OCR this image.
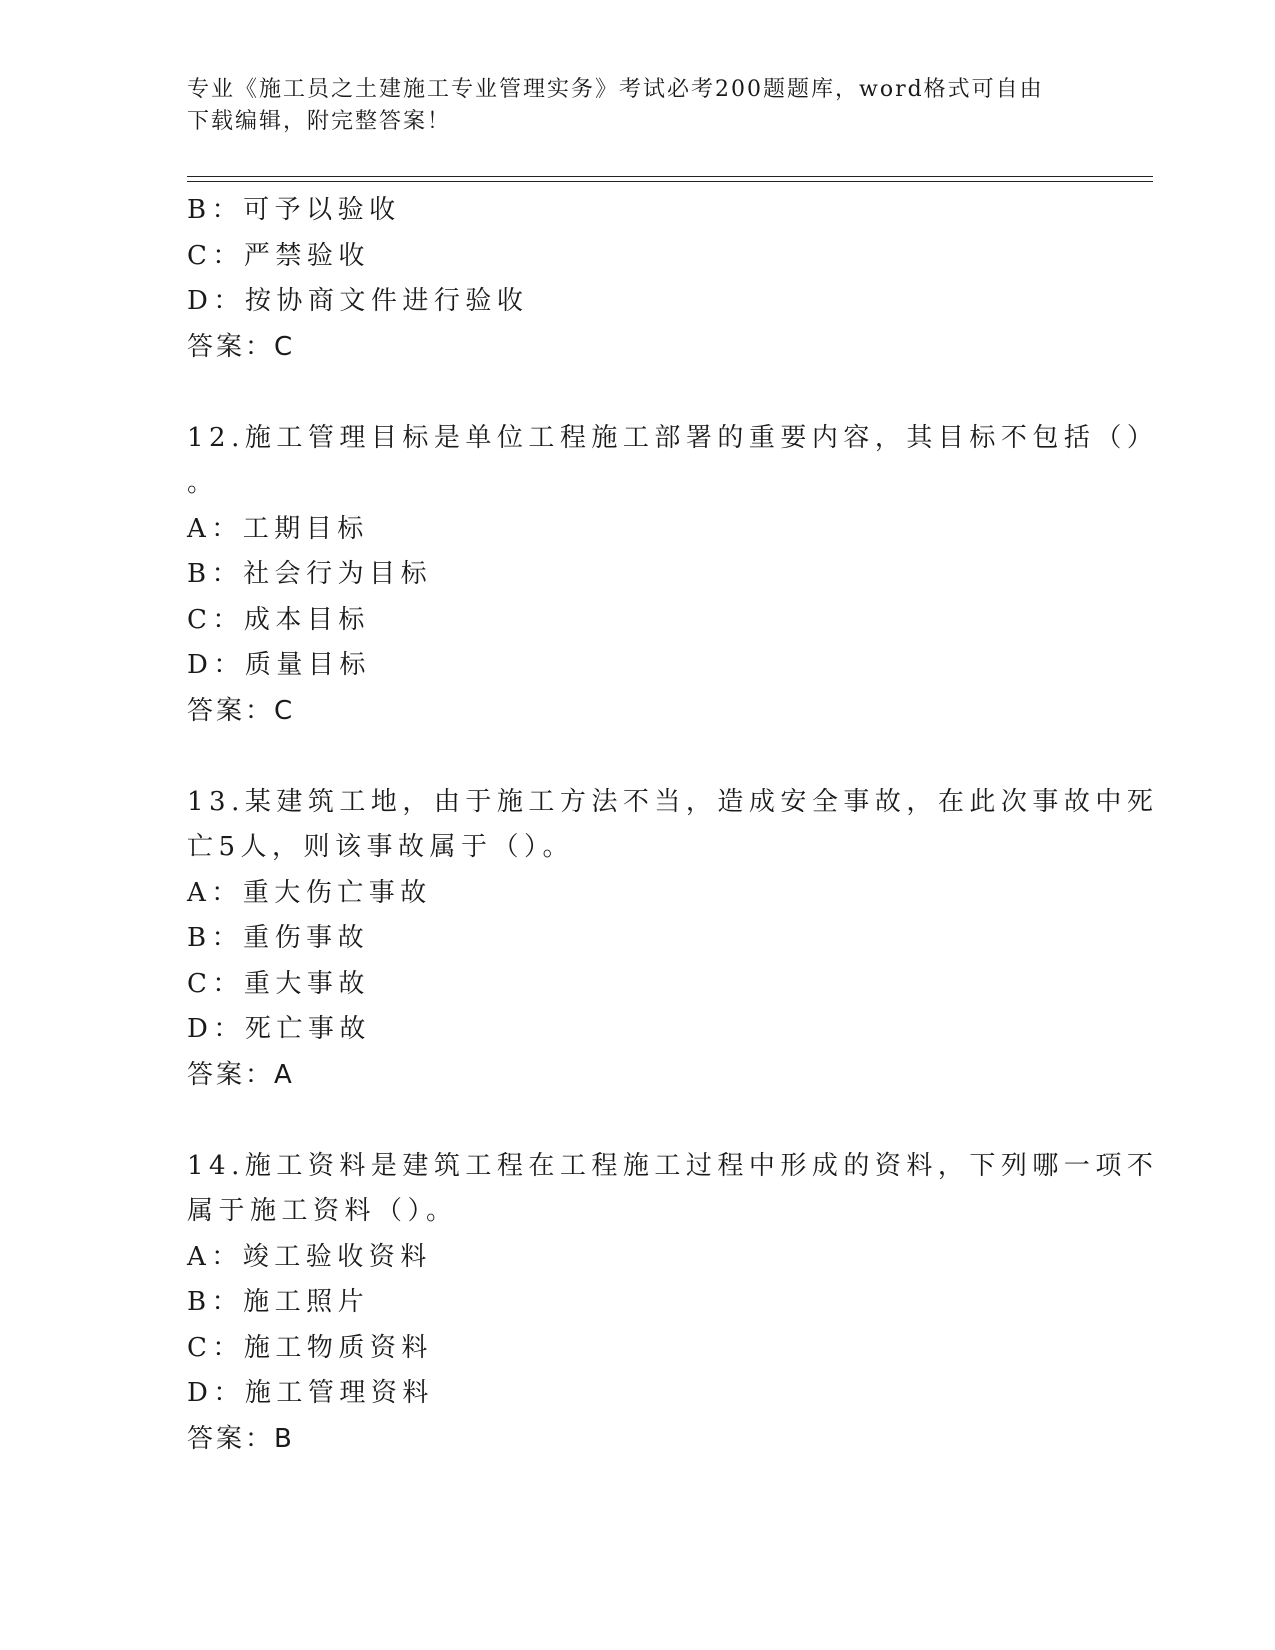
专业《施工员之土建施工专业管理实务》考试必考200题题库，word格式可自由
下载编辑，附完整答案！
B：可予以验收
C：严禁验收
D：按协商文件进行验收
答案：C
12.施工管理目标是单位工程施工部署的重要内容，其目标不包括（）
。
A：工期目标
B：社会行为目标
C：成本目标
D：质量目标
答案：C
13.某建筑工地，由于施工方法不当，造成安全事故，在此次事故中死
亡5人，则该事故属于（）。
A：重大伤亡事故
B：重伤事故
C：重大事故
D：死亡事故
答案：A
14.施工资料是建筑工程在工程施工过程中形成的资料，下列哪一项不
属于施工资料（）。
A：竣工验收资料
B：施工照片
C：施工物质资料
D：施工管理资料
答案：B
